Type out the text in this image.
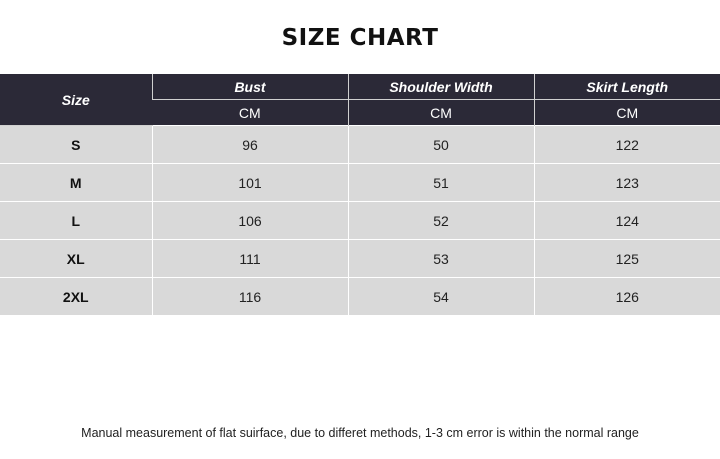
SIZE CHART
Size	Bust	Shoulder Width	Skirt Length
	CM	CM	CM
S	96	50	122
M	101	51	123
L	106	52	124
XL	111	53	125
2XL	116	54	126
Manual measurement of flat suirface, due to differet methods, 1-3 cm error is within the normal range
